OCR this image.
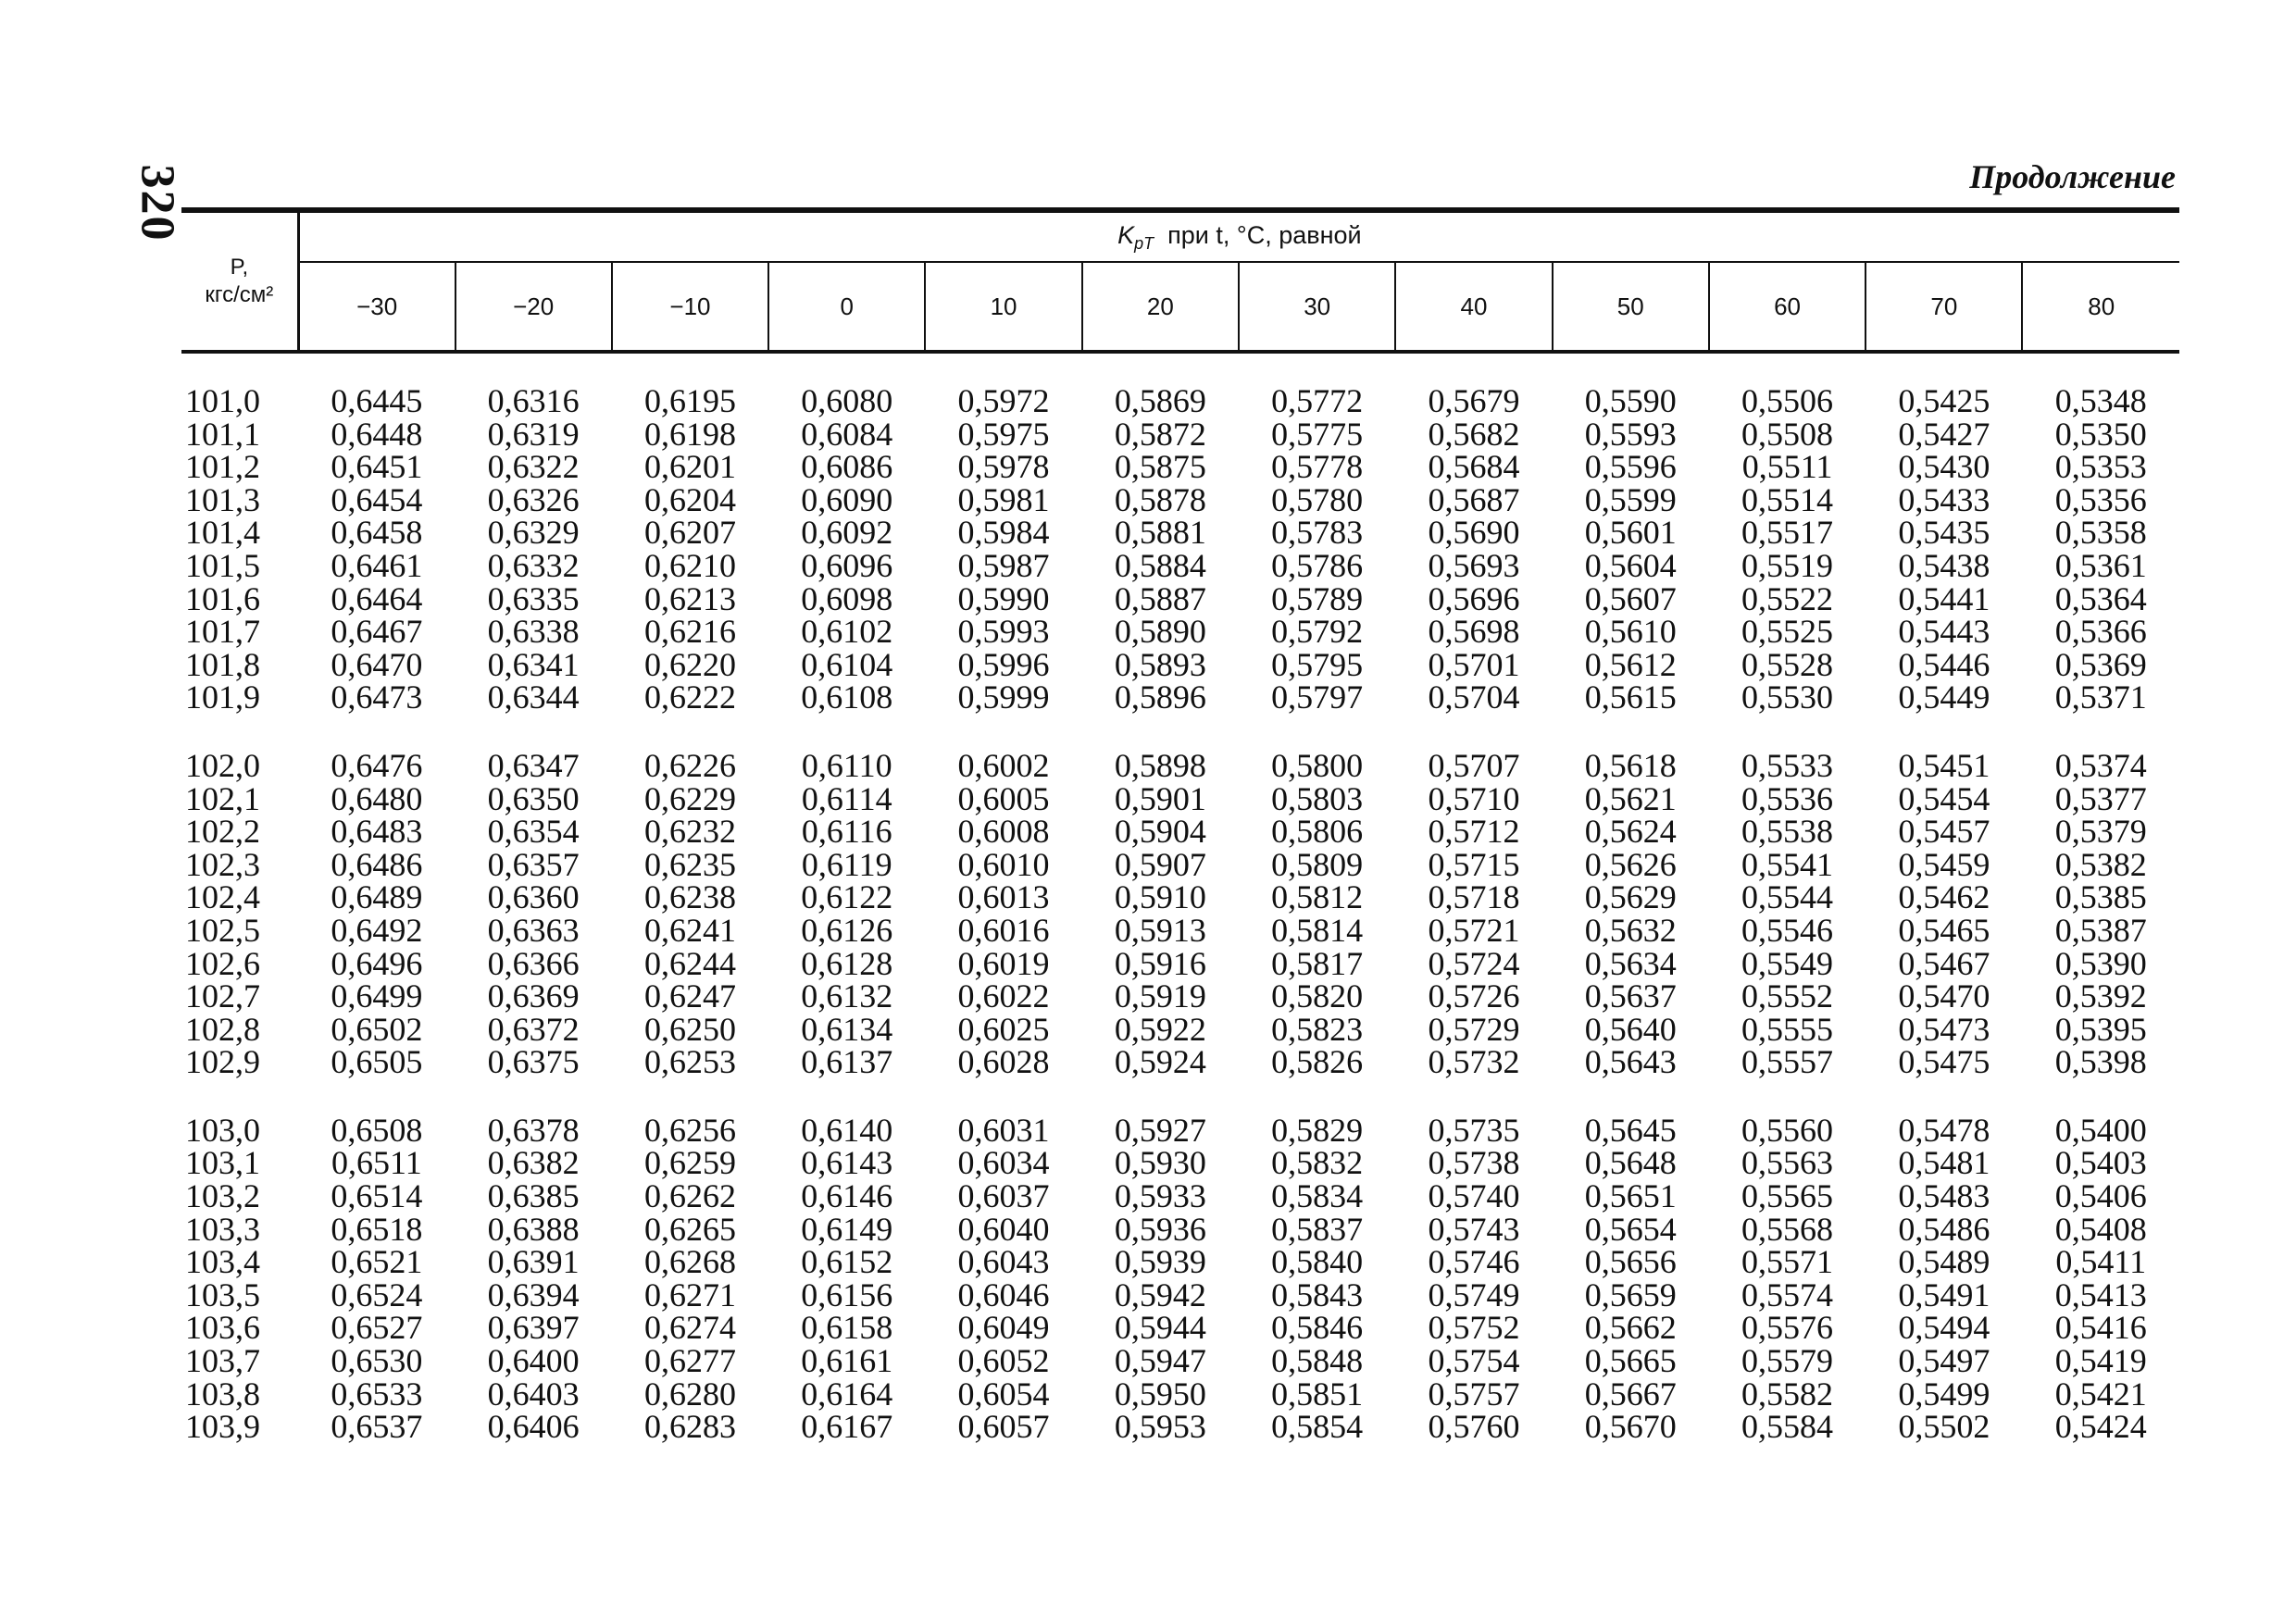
320	Продолжение
P,
кгс/см²	$K_{pT}$ при t, °С, равной											
	−30	−20	−10	0	10	20	30	40	50	60	70	80

101,0	0,6445	0,6316	0,6195	0,6080	0,5972	0,5869	0,5772	0,5679	0,5590	0,5506	0,5425	0,5348
101,1	0,6448	0,6319	0,6198	0,6084	0,5975	0,5872	0,5775	0,5682	0,5593	0,5508	0,5427	0,5350
101,2	0,6451	0,6322	0,6201	0,6086	0,5978	0,5875	0,5778	0,5684	0,5596	0,5511	0,5430	0,5353
101,3	0,6454	0,6326	0,6204	0,6090	0,5981	0,5878	0,5780	0,5687	0,5599	0,5514	0,5433	0,5356
101,4	0,6458	0,6329	0,6207	0,6092	0,5984	0,5881	0,5783	0,5690	0,5601	0,5517	0,5435	0,5358
101,5	0,6461	0,6332	0,6210	0,6096	0,5987	0,5884	0,5786	0,5693	0,5604	0,5519	0,5438	0,5361
101,6	0,6464	0,6335	0,6213	0,6098	0,5990	0,5887	0,5789	0,5696	0,5607	0,5522	0,5441	0,5364
101,7	0,6467	0,6338	0,6216	0,6102	0,5993	0,5890	0,5792	0,5698	0,5610	0,5525	0,5443	0,5366
101,8	0,6470	0,6341	0,6220	0,6104	0,5996	0,5893	0,5795	0,5701	0,5612	0,5528	0,5446	0,5369
101,9	0,6473	0,6344	0,6222	0,6108	0,5999	0,5896	0,5797	0,5704	0,5615	0,5530	0,5449	0,5371

102,0	0,6476	0,6347	0,6226	0,6110	0,6002	0,5898	0,5800	0,5707	0,5618	0,5533	0,5451	0,5374
102,1	0,6480	0,6350	0,6229	0,6114	0,6005	0,5901	0,5803	0,5710	0,5621	0,5536	0,5454	0,5377
102,2	0,6483	0,6354	0,6232	0,6116	0,6008	0,5904	0,5806	0,5712	0,5624	0,5538	0,5457	0,5379
102,3	0,6486	0,6357	0,6235	0,6119	0,6010	0,5907	0,5809	0,5715	0,5626	0,5541	0,5459	0,5382
102,4	0,6489	0,6360	0,6238	0,6122	0,6013	0,5910	0,5812	0,5718	0,5629	0,5544	0,5462	0,5385
102,5	0,6492	0,6363	0,6241	0,6126	0,6016	0,5913	0,5814	0,5721	0,5632	0,5546	0,5465	0,5387
102,6	0,6496	0,6366	0,6244	0,6128	0,6019	0,5916	0,5817	0,5724	0,5634	0,5549	0,5467	0,5390
102,7	0,6499	0,6369	0,6247	0,6132	0,6022	0,5919	0,5820	0,5726	0,5637	0,5552	0,5470	0,5392
102,8	0,6502	0,6372	0,6250	0,6134	0,6025	0,5922	0,5823	0,5729	0,5640	0,5555	0,5473	0,5395
102,9	0,6505	0,6375	0,6253	0,6137	0,6028	0,5924	0,5826	0,5732	0,5643	0,5557	0,5475	0,5398

103,0	0,6508	0,6378	0,6256	0,6140	0,6031	0,5927	0,5829	0,5735	0,5645	0,5560	0,5478	0,5400
103,1	0,6511	0,6382	0,6259	0,6143	0,6034	0,5930	0,5832	0,5738	0,5648	0,5563	0,5481	0,5403
103,2	0,6514	0,6385	0,6262	0,6146	0,6037	0,5933	0,5834	0,5740	0,5651	0,5565	0,5483	0,5406
103,3	0,6518	0,6388	0,6265	0,6149	0,6040	0,5936	0,5837	0,5743	0,5654	0,5568	0,5486	0,5408
103,4	0,6521	0,6391	0,6268	0,6152	0,6043	0,5939	0,5840	0,5746	0,5656	0,5571	0,5489	0,5411
103,5	0,6524	0,6394	0,6271	0,6156	0,6046	0,5942	0,5843	0,5749	0,5659	0,5574	0,5491	0,5413
103,6	0,6527	0,6397	0,6274	0,6158	0,6049	0,5944	0,5846	0,5752	0,5662	0,5576	0,5494	0,5416
103,7	0,6530	0,6400	0,6277	0,6161	0,6052	0,5947	0,5848	0,5754	0,5665	0,5579	0,5497	0,5419
103,8	0,6533	0,6403	0,6280	0,6164	0,6054	0,5950	0,5851	0,5757	0,5667	0,5582	0,5499	0,5421
103,9	0,6537	0,6406	0,6283	0,6167	0,6057	0,5953	0,5854	0,5760	0,5670	0,5584	0,5502	0,5424
